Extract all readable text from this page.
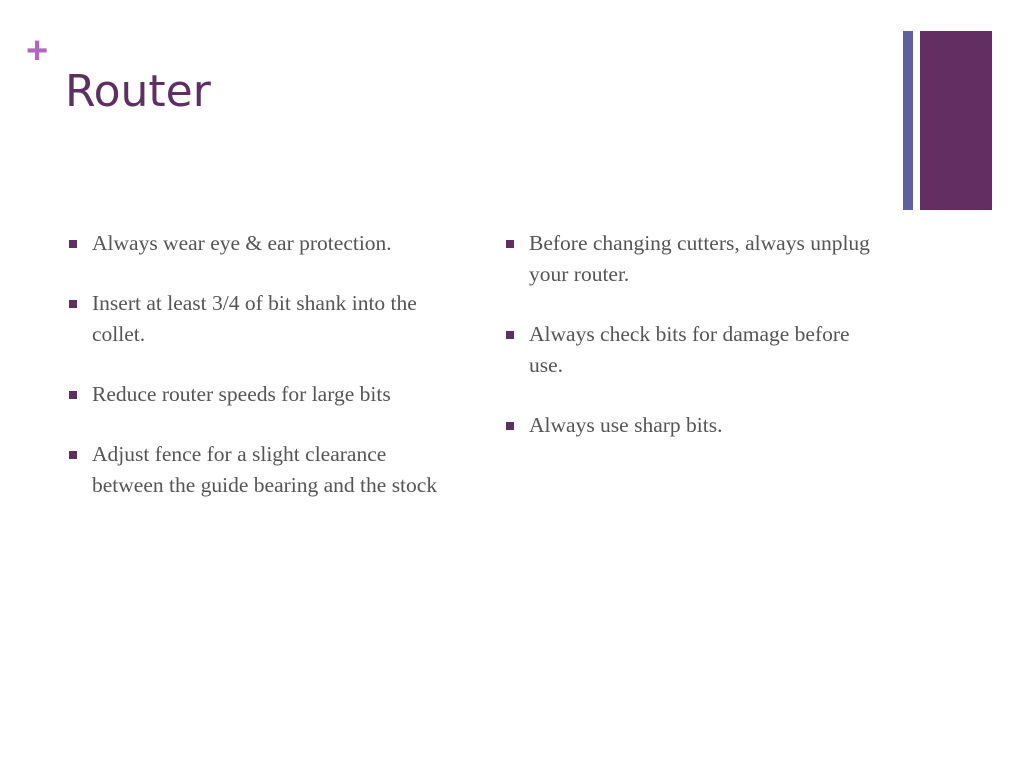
+
Router
Always wear eye & ear protection.
Insert at least 3/4 of bit shank into the collet.
Reduce router speeds for large bits
Adjust fence for a slight clearance between the guide bearing and the stock
Before changing cutters, always unplug your router.
Always check bits for damage before use.
Always use sharp bits.
